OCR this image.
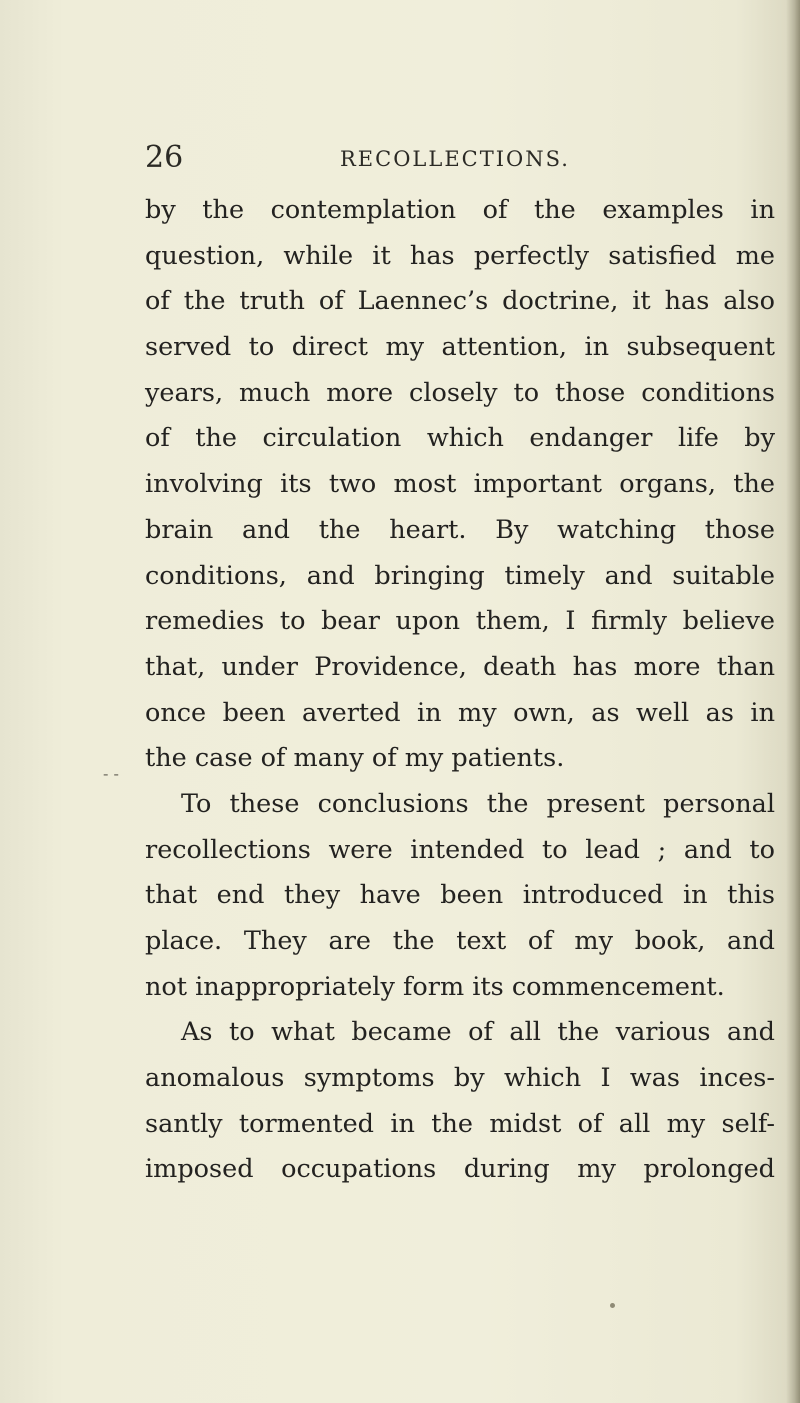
26	RECOLLECTIONS.
- -
by the contemplation of the examples in
question, while it has perfectly satisfied me
of the truth of Laennec’s doctrine, it has also
served to direct my attention, in subsequent
years, much more closely to those conditions
of the circulation which endanger life by
involving its two most important organs, the
brain and the heart. By watching those
conditions, and bringing timely and suitable
remedies to bear upon them, I firmly believe
that, under Providence, death has more than
once been averted in my own, as well as in
the case of many of my patients.
To these conclusions the present personal
recollections were intended to lead ; and to
that end they have been introduced in this
place. They are the text of my book, and
not inappropriately form its commencement.
As to what became of all the various and
anomalous symptoms by which I was inces-
santly tormented in the midst of all my self-
imposed occupations during my prolonged
